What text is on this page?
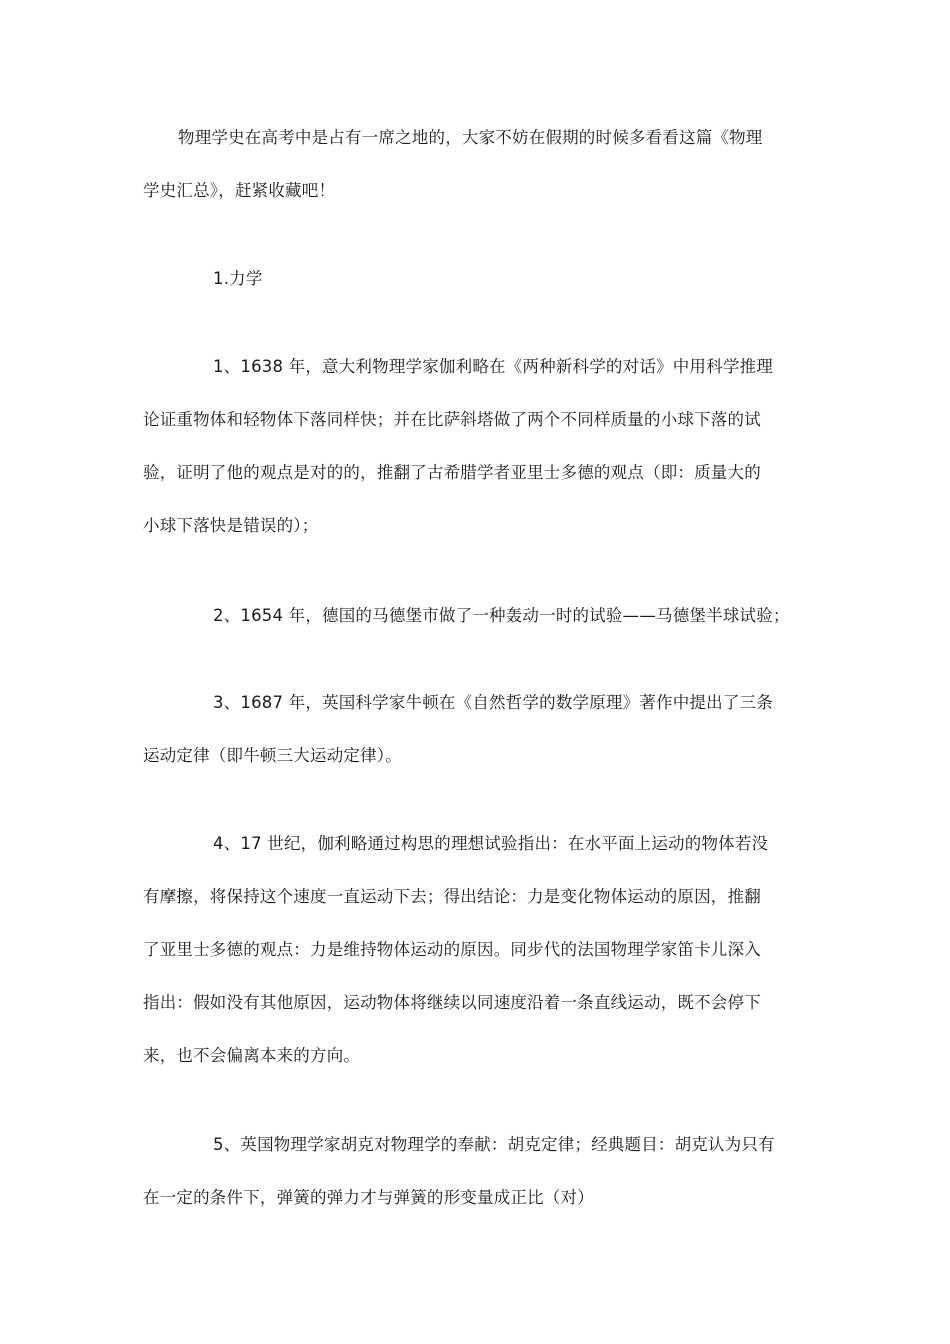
物理学史在高考中是占有一席之地的，大家不妨在假期的时候多看看这篇《物理
学史汇总》，赶紧收藏吧！

1.力学

1、1638 年，意大利物理学家伽利略在《两种新科学的对话》中用科学推理
论证重物体和轻物体下落同样快；并在比萨斜塔做了两个不同样质量的小球下落的试
验，证明了他的观点是对的的，推翻了古希腊学者亚里士多德的观点（即：质量大的
小球下落快是错误的）；

2、1654 年，德国的马德堡市做了一种轰动一时的试验——马德堡半球试验；

3、1687 年，英国科学家牛顿在《自然哲学的数学原理》著作中提出了三条
运动定律（即牛顿三大运动定律）。

4、17 世纪，伽利略通过构思的理想试验指出：在水平面上运动的物体若没
有摩擦，将保持这个速度一直运动下去；得出结论：力是变化物体运动的原因，推翻
了亚里士多德的观点：力是维持物体运动的原因。同步代的法国物理学家笛卡儿深入
指出：假如没有其他原因，运动物体将继续以同速度沿着一条直线运动，既不会停下
来，也不会偏离本来的方向。

5、英国物理学家胡克对物理学的奉献：胡克定律；经典题目：胡克认为只有
在一定的条件下，弹簧的弹力才与弹簧的形变量成正比（对）
